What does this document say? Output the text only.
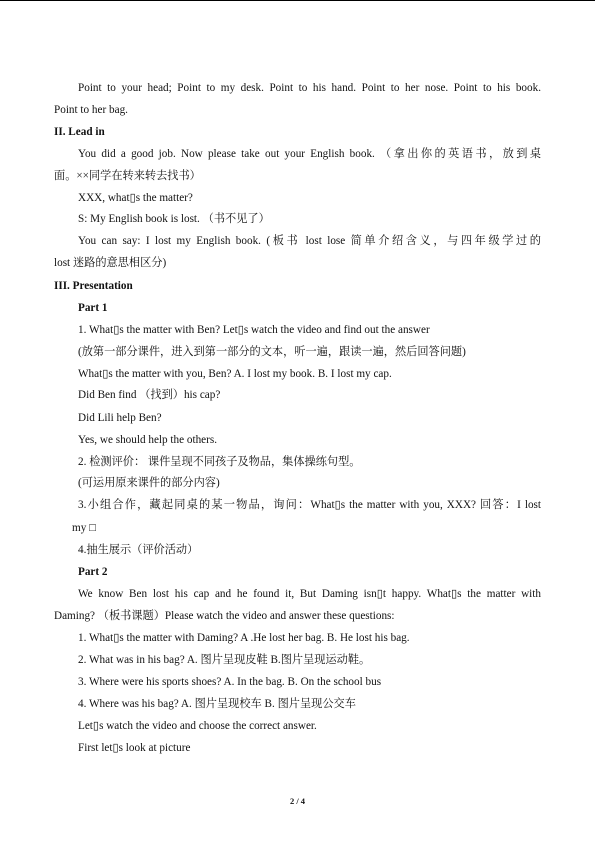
Point to your head; Point to my desk. Point to his hand. Point to her nose. Point to his book.
Point to her bag.
II. Lead in
You did a good job. Now please take out your English book. （拿出你的英语书，放到桌
面。××同学在转来转去找书）
XXX, what▯s the matter?
S: My English book is lost. （书不见了）
You can say: I lost my English book. (板书 lost lose 简单介绍含义，与四年级学过的
lost 迷路的意思相区分)
III. Presentation
Part 1
1. What▯s the matter with Ben? Let▯s watch the video and find out the answer
(放第一部分课件，进入到第一部分的文本，听一遍，跟读一遍，然后回答问题)
What▯s the matter with you, Ben? A. I lost my book. B. I lost my cap.
Did Ben find （找到）his cap?
Did Lili help Ben?
Yes, we should help the others.
2. 检测评价： 课件呈现不同孩子及物品，集体操练句型。
(可运用原来课件的部分内容)
3.小组合作，藏起同桌的某一物品，询问：What▯s the matter with you, XXX? 回答：I lost
my □
4.抽生展示（评价活动）
Part 2
We know Ben lost his cap and he found it, But Daming isn▯t happy. What▯s the matter with
Daming? （板书课题）Please watch the video and answer these questions:
1. What▯s the matter with Daming? A .He lost her bag. B. He lost his bag.
2. What was in his bag? A. 图片呈现皮鞋 B.图片呈现运动鞋。
3. Where were his sports shoes? A. In the bag. B. On the school bus
4. Where was his bag? A. 图片呈现校车 B. 图片呈现公交车
Let▯s watch the video and choose the correct answer.
First let▯s look at picture
2 / 4
